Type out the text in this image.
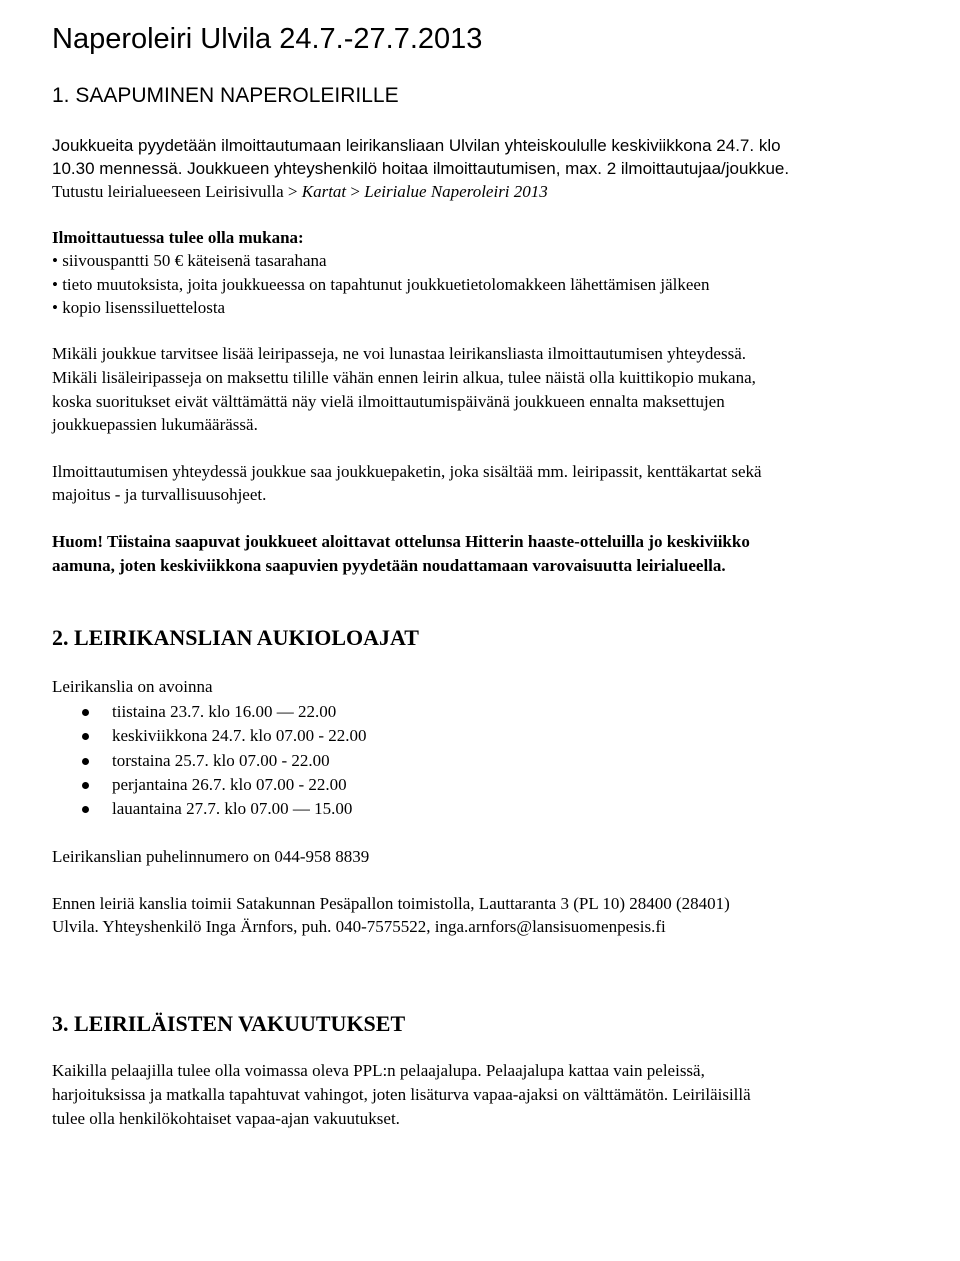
Naperoleiri Ulvila 24.7.-27.7.2013
1. SAAPUMINEN NAPEROLEIRILLE
Joukkueita pyydetään ilmoittautumaan leirikansliaan Ulvilan yhteiskoululle keskiviikkona 24.7. klo
10.30 mennessä. Joukkueen yhteyshenkilö hoitaa ilmoittautumisen, max. 2 ilmoittautujaa/joukkue.
Tutustu leirialueeseen Leirisivulla > Kartat > Leirialue Naperoleiri 2013
Ilmoittautuessa tulee olla mukana:
• siivouspantti 50 € käteisenä tasarahana
• tieto muutoksista, joita joukkueessa on tapahtunut joukkuetietolomakkeen lähettämisen jälkeen
• kopio lisenssiluettelosta
Mikäli joukkue tarvitsee lisää leiripasseja, ne voi lunastaa leirikansliasta ilmoittautumisen yhteydessä.
Mikäli lisäleiripasseja on maksettu tilille vähän ennen leirin alkua, tulee näistä olla kuittikopio mukana,
koska suoritukset eivät välttämättä näy vielä ilmoittautumispäivänä joukkueen ennalta maksettujen
joukkuepassien lukumäärässä.
Ilmoittautumisen yhteydessä joukkue saa joukkuepaketin, joka sisältää mm. leiripassit, kenttäkartat sekä
majoitus - ja turvallisuusohjeet.
Huom! Tiistaina saapuvat joukkueet aloittavat ottelunsa Hitterin haaste-otteluilla jo keskiviikko
aamuna, joten keskiviikkona saapuvien pyydetään noudattamaan varovaisuutta leirialueella.
2. LEIRIKANSLIAN AUKIOLOAJAT
Leirikanslia on avoinna
tiistaina 23.7. klo 16.00 — 22.00
keskiviikkona 24.7. klo 07.00 - 22.00
torstaina 25.7. klo 07.00 - 22.00
perjantaina 26.7. klo 07.00 - 22.00
lauantaina 27.7. klo 07.00 — 15.00
Leirikanslian puhelinnumero on 044-958 8839
Ennen leiriä kanslia toimii Satakunnan Pesäpallon toimistolla, Lauttaranta 3 (PL 10) 28400 (28401)
Ulvila. Yhteyshenkilö Inga Ärnfors, puh. 040-7575522, inga.arnfors@lansisuomenpesis.fi
3. LEIRILÄISTEN VAKUUTUKSET
Kaikilla pelaajilla tulee olla voimassa oleva PPL:n pelaajalupa. Pelaajalupa kattaa vain peleissä,
harjoituksissa ja matkalla tapahtuvat vahingot, joten lisäturva vapaa-ajaksi on välttämätön. Leiriläisillä
tulee olla henkilökohtaiset vapaa-ajan vakuutukset.
